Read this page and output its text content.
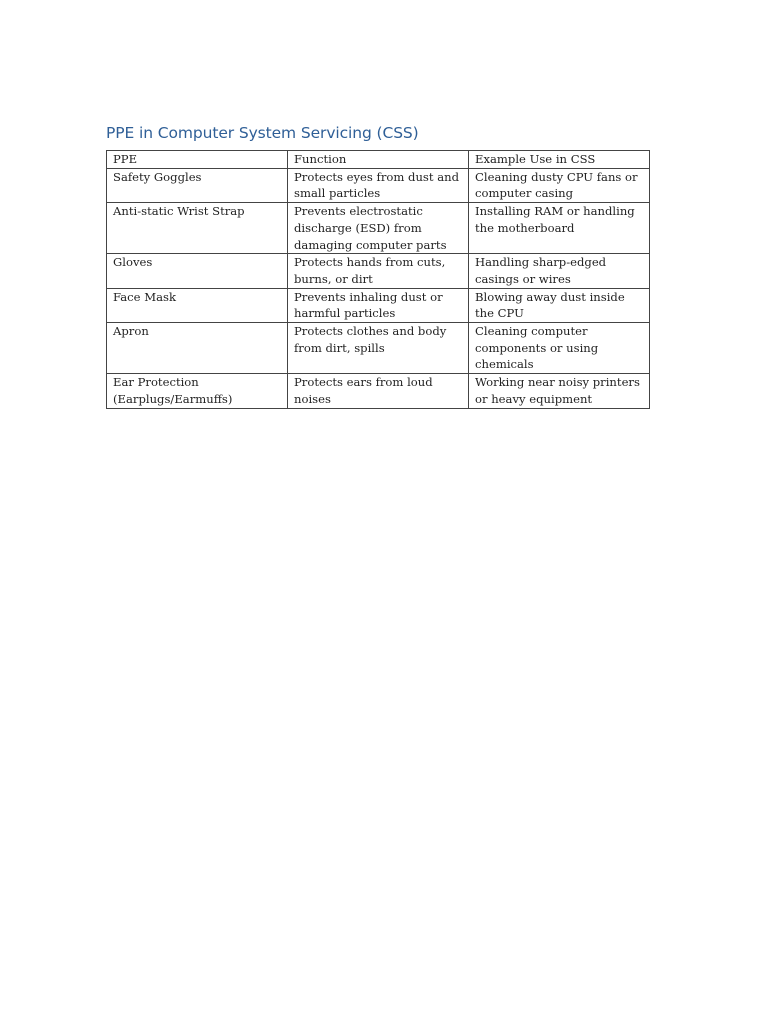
PPE in Computer System Servicing (CSS)
PPE	Function	Example Use in CSS
Safety Goggles	Protects eyes from dust and small particles	Cleaning dusty CPU fans or computer casing
Anti-static Wrist Strap	Prevents electrostatic discharge (ESD) from damaging computer parts	Installing RAM or handling the motherboard
Gloves	Protects hands from cuts, burns, or dirt	Handling sharp-edged casings or wires
Face Mask	Prevents inhaling dust or harmful particles	Blowing away dust inside the CPU
Apron	Protects clothes and body from dirt, spills	Cleaning computer components or using chemicals
Ear Protection (Earplugs/Earmuffs)	Protects ears from loud noises	Working near noisy printers or heavy equipment
